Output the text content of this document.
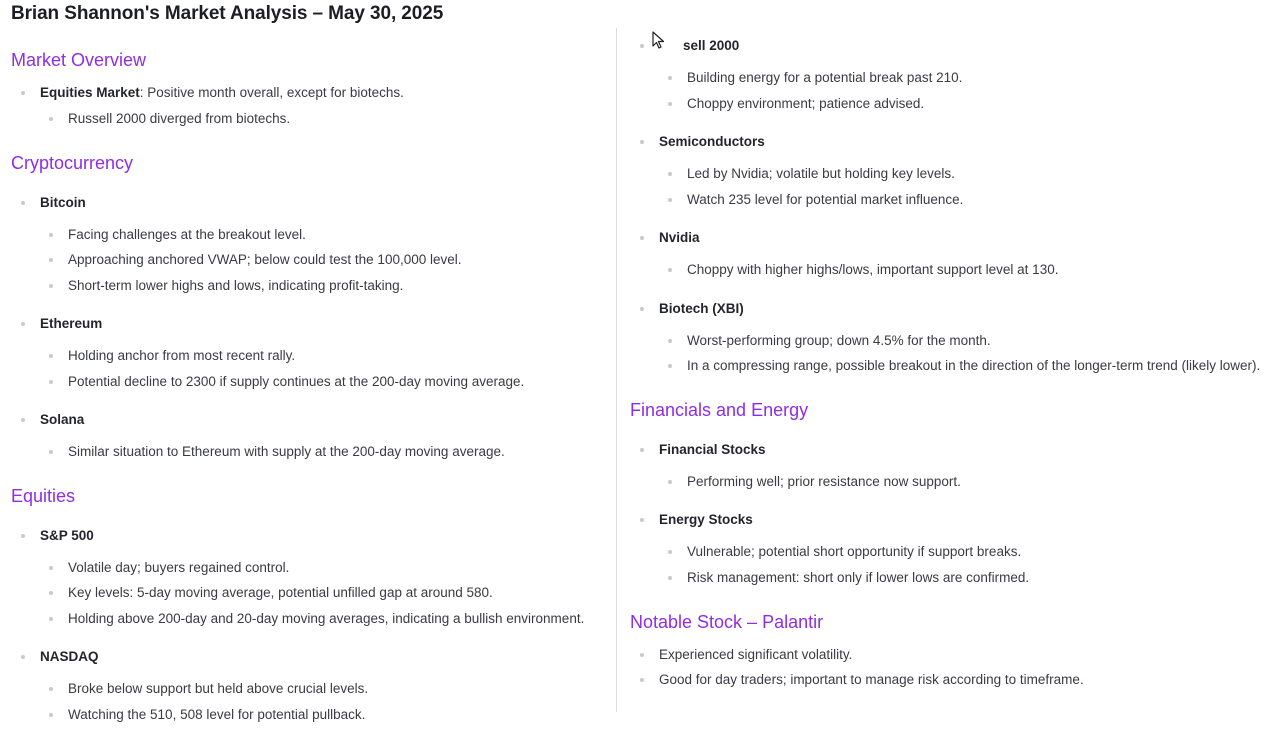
Brian Shannon's Market Analysis – May 30, 2025
Market Overview
Equities Market: Positive month overall, except for biotechs.
Russell 2000 diverged from biotechs.
Cryptocurrency
Bitcoin
Facing challenges at the breakout level.
Approaching anchored VWAP; below could test the 100,000 level.
Short-term lower highs and lows, indicating profit-taking.
Ethereum
Holding anchor from most recent rally.
Potential decline to 2300 if supply continues at the 200-day moving average.
Solana
Similar situation to Ethereum with supply at the 200-day moving average.
Equities
S&P 500
Volatile day; buyers regained control.
Key levels: 5-day moving average, potential unfilled gap at around 580.
Holding above 200-day and 20-day moving averages, indicating a bullish environment.
NASDAQ
Broke below support but held above crucial levels.
Watching the 510, 508 level for potential pullback.
sell 2000
Building energy for a potential break past 210.
Choppy environment; patience advised.
Semiconductors
Led by Nvidia; volatile but holding key levels.
Watch 235 level for potential market influence.
Nvidia
Choppy with higher highs/lows, important support level at 130.
Biotech (XBI)
Worst-performing group; down 4.5% for the month.
In a compressing range, possible breakout in the direction of the longer-term trend (likely lower).
Financials and Energy
Financial Stocks
Performing well; prior resistance now support.
Energy Stocks
Vulnerable; potential short opportunity if support breaks.
Risk management: short only if lower lows are confirmed.
Notable Stock – Palantir
Experienced significant volatility.
Good for day traders; important to manage risk according to timeframe.
